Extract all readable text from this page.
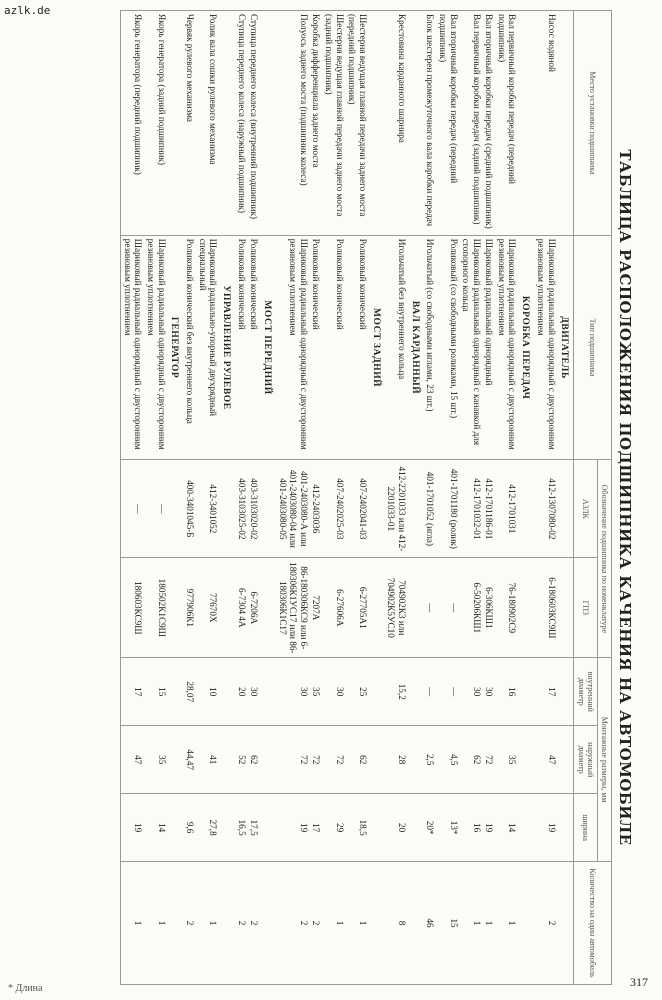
azlk.de
ТАБЛИЦА РАСПОЛОЖЕНИЯ ПОДШИПНИКА КАЧЕНИЯ НА АВТОМОБИЛЕ
Место установки подшипника	Тип подшипника	Обозначение подшипника по номенклатуре		Монтажные размеры, мм			Количество на один автомобиль
		АЗЛК	ГПЗ	внутренний диаметр	наружный диаметр	ширина	
	ДВИГАТЕЛЬ						
Насос водяной	Шариковый радиальный однорядный с двусторонним резиновым уплотнением	412-1307080-02	6-180603КС9Ш	17	47	19	2
	КОРОБКА ПЕРЕДАЧ						
Вал первичный коробки передач (передний подшипник)	Шариковый радиальный однорядный с двусторонним резиновым уплотнением	412-1701031	76-180902С9	16	35	14	1
Вал вторичный коробки передач (средний подшипник)	Шариковый радиальный однорядный	412-1701186-01	6-306КШ1	30	72	19	1
Вал первичный коробки передач (задний подшипник)	Шариковый радиальный однорядный с канавкой для стопорного кольца	412-1701032-01	6-50206КШ1	30	62	16	1
Вал вторичный коробки передач (передний подшипник)	Роликовый (со свободными роликами, 15 шт.)	401-1701180 (ролик)	—	—	4,5	13*	15
Блок шестерен промежуточного вала коробки передач	Игольчатый (со свободными иглами, 23 шт.)	401-1701052 (игла)	—	—	2,5	20*	46
	ВАЛ КАРДАННЫЙ						
Крестовина карданного шарнира	Игольчатый без внутреннего кольца	412-2201033 или 412-2201033-01	704902К3 или 704902К5УС10	15,2	28	20	8
	МОСТ ЗАДНИЙ						
Шестерня ведущая главной передачи заднего моста (передний подшипник)	Роликовый конический	407-2402041-03	6-27705А1	25	62	18,5	1
Шестерня ведущая главной передачи заднего моста (задний подшипник)	Роликовый конический	407-2402025-03	6-27606А	30	72	29	1
Коробка дифференциала заднего моста	Роликовый конический	412-2403036	7207А	35	72	17	2
Полуось заднего моста (подшипник колеса)	Шариковый радиальный однорядный с двусторонним резиновым уплотнением	401-2403080-А или 401-2403080-04 или 401-2403080-05	86-180306КС9 или 6-180306К1УС17 или 86-180306К1С17	30	72	19	2
	МОСТ ПЕРЕДНИЙ						
Ступица переднего колеса (внутренний подшипник)	Роликовый конический	403-3103020-02	6-7206А	30	62	17,5	2
Ступица переднего колеса (наружный подшипник)	Роликовый конический	403-3103025-02	6-7304 4А	20	52	16,5	2
	УПРАВЛЕНИЕ РУЛЕВОЕ						
Ролик вала сошки рулевого механизма	Шариковый радиально-упорный двухрядный специальный	412-3401052	77670Х	10	41	27,8	1
Червяк рулевого механизма	Роликовый конический без внутреннего кольца	400-3401045-Б	977906К1	28,07	44,47	9,6	2
	ГЕНЕРАТОР						
Якорь генератора (задний подшипник)	Шариковый радиальный однорядный с двусторонним резиновым уплотнением	—	180502К1С9Ш	15	35	14	1
Якорь генератора (передний подшипник)	Шариковый радиальный однорядный с двусторонним резиновым уплотнением	—	180603КС9Ш	17	47	19	1
* Длина	317
